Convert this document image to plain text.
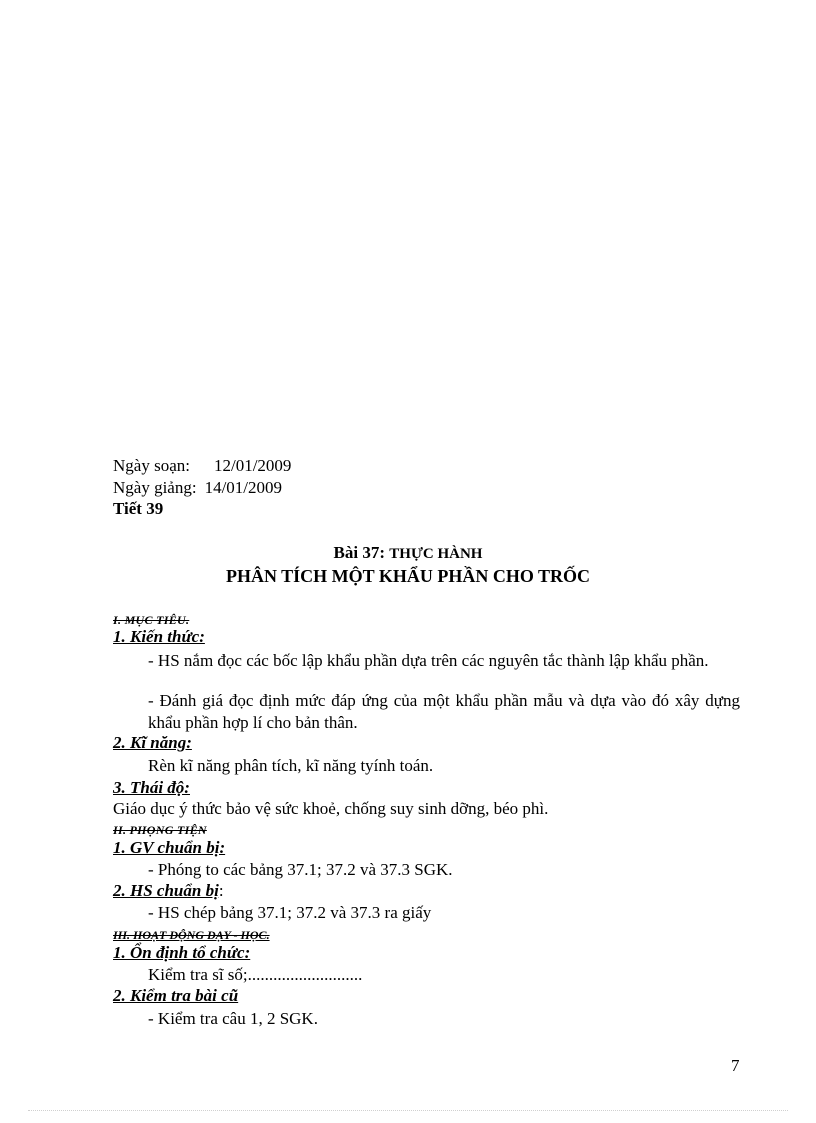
Ngày soạn: 12/01/2009
Ngày giảng: 14/01/2009
Tiết 39
Bài 37: THỰC HÀNH
PHÂN TÍCH MỘT KHẨU PHẦN CHO TRỐC
I. MỤC TIÊU.
1. Kiến thức:
- HS nắm đọc các bốc lập khẩu phần dựa trên các nguyên tắc thành lập khẩu phần.
- Đánh giá đọc định mức đáp ứng của một khẩu phần mẫu và dựa vào đó xây dựng khẩu phần hợp lí cho bản thân.
2. Kĩ năng:
Rèn kĩ năng phân tích, kĩ năng tyính toán.
3. Thái độ:
Giáo dục ý thức bảo vệ sức khoẻ, chống suy sinh dỡng, béo phì.
II. PHỌNG TIỆN
1. GV chuẩn bị:
- Phóng to các bảng 37.1; 37.2 và 37.3 SGK.
2. HS chuẩn bị:
- HS chép bảng 37.1; 37.2 và 37.3 ra giấy
III. HOẠT ĐỘNG DẠY - HỌC.
1. Ổn định tổ chức:
Kiểm tra sĩ số;...........................
2. Kiểm tra bài cũ
- Kiểm tra câu 1, 2 SGK.
7
